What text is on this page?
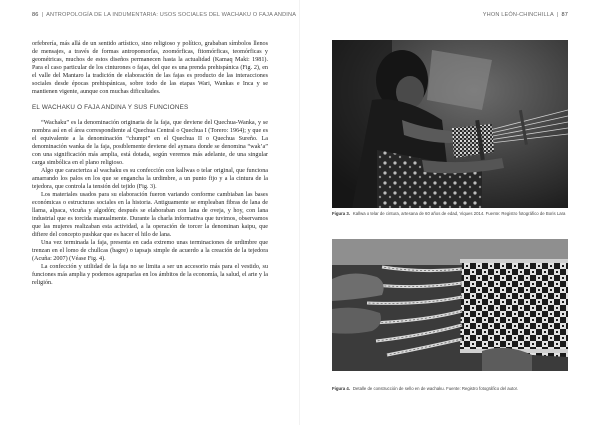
86 | ANTROPOLOGÍA DE LA INDUMENTARIA: USOS SOCIALES DEL WACHAKU O FAJA ANDINA

orfebrería, más allá de un sentido artístico, sino religioso y político, grababan símbolos llenos de mensajes, a través de formas antropomorfas, zoomórficas, fitomórficas, teomórficas y geométricas, muchos de estos diseños permanecen hasta la actualidad (Kamaq Maki: 1981). Para el caso particular de los cinturones o fajas, del que es una prenda prehispánica (Fig. 2), en el valle del Mantaro la tradición de elaboración de las fajas es producto de las interacciones sociales desde épocas prehispánicas, sobre todo de las etapas Wari, Wankas e Inca y se mantienen vigente, aunque con muchas dificultades.

EL WACHAKU O FAJA ANDINA Y SUS FUNCIONES

“Wachaku” es la denominación originaria de la faja, que deviene del Quechua-Wanka, y se nombra así en el área correspondiente al Quechua Central o Quechua I (Torero: 1964); y que es el equivalente a la denominación “chumpi” en el Quechua II o Quechua Sureño. La denominación wanka de la faja, posiblemente deviene del aymara donde se denomina “wak’a” con una significación más amplia, está dotada, según veremos más adelante, de una singular carga simbólica en el plano religioso.

Algo que caracteriza al wachaku es su confección con kallwas o telar original, que funciona amarrando los palos en los que se engancha la urdimbre, a un punto fijo y a la cintura de la tejedora, que controla la tensión del tejido (Fig. 3).

Los materiales usados para su elaboración fueron variando conforme cambiaban las bases económicas o estructuras sociales en la historia. Antiguamente se empleaban fibras de lana de llama, alpaca, vicuña y algodón; después se elaboraban con lana de oveja, y hoy, con lana industrial que es torcida manualmente. Durante la charla informativa que tuvimos, observamos que las mujeres realizaban esta actividad, a la operación de torcer la denominan kaipu, que difiere del concepto pushkar que es hacer el hilo de lana.

Una vez terminada la faja, presenta en cada extremo unas terminaciones de urdimbre que trenzan en el lomo de chullcas (bagre) o tapsajs simple de acuerdo a la creación de la tejedora (Acuña: 2007) (Véase Fig. 4).

La confección y utilidad de la faja no se limita a ser un accesorio más para el vestido, su funciones más amplia y podemos agruparlas en los ámbitos de la economía, la salud, el arte y la religión.

YHON LEÓN-CHINCHILLA | 87
Figura 3. Kallwa o telar de cintura, artesana de 60 años de edad, Viques 2014. Fuente: Registro fotográfico de Boris Lara
Figura 4. Detalle de construcción de sello en de wachaku. Fuente: Registro fotográfico del autor.
